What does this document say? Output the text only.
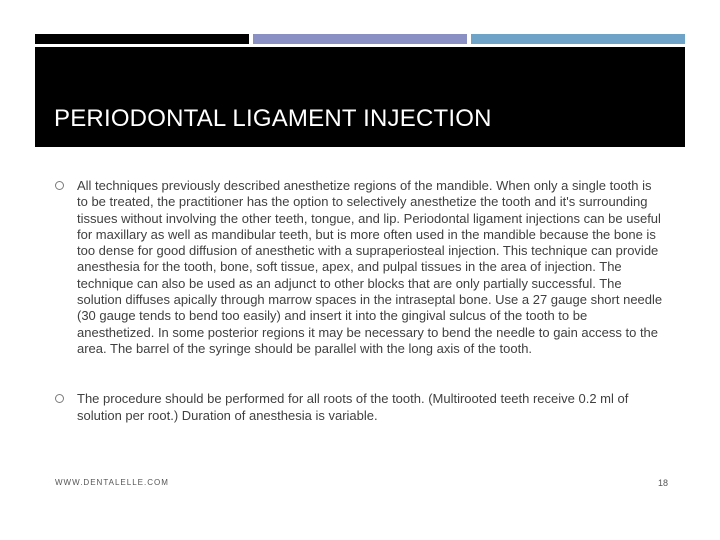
PERIODONTAL LIGAMENT INJECTION
All techniques previously described anesthetize regions of the mandible. When only a single tooth is to be treated, the practitioner has the option to selectively anesthetize the tooth and it's surrounding tissues without involving the other teeth, tongue, and lip. Periodontal ligament injections can be useful for maxillary as well as mandibular teeth, but is more often used in the mandible because the bone is too dense for good diffusion of anesthetic with a supraperiosteal injection. This technique can provide anesthesia for the tooth, bone, soft tissue, apex, and pulpal tissues in the area of injection. The technique can also be used as an adjunct to other blocks that are only partially successful. The solution diffuses apically through marrow spaces in the intraseptal bone. Use a 27 gauge short needle (30 gauge tends to bend too easily) and insert it into the gingival sulcus of the tooth to be anesthetized. In some posterior regions it may be necessary to bend the needle to gain access to the area. The barrel of the syringe should be parallel with the long axis of the tooth.
The procedure should be performed for all roots of the tooth. (Multirooted teeth receive 0.2 ml of solution per root.) Duration of anesthesia is variable.
WWW.DENTALELLE.COM	18
